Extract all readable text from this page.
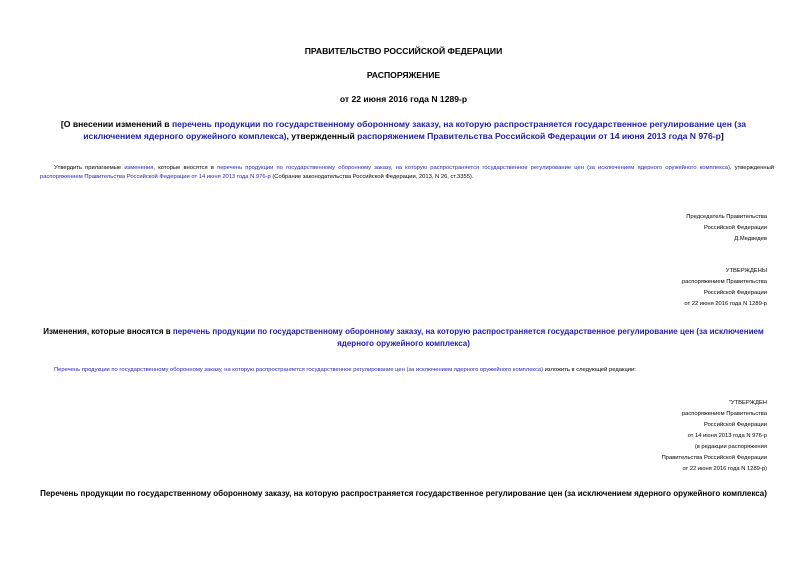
ПРАВИТЕЛЬСТВО РОССИЙСКОЙ ФЕДЕРАЦИИ
РАСПОРЯЖЕНИЕ
от 22 июня 2016 года N 1289-р
[О внесении изменений в перечень продукции по государственному оборонному заказу, на которую распространяется государственное регулирование цен (за исключением ядерного оружейного комплекса), утвержденный распоряжением Правительства Российской Федерации от 14 июня 2013 года N 976-р]
Утвердить прилагаемые изменения, которые вносятся в перечень продукции по государственному оборонному заказу, на которую распространяется государственное регулирование цен (за исключением ядерного оружейного комплекса), утвержденный распоряжением Правительства Российской Федерации от 14 июня 2013 года N 976-р (Собрание законодательства Российской Федерации, 2013, N 26, ст.3355).
Председатель Правительства
Российской Федерации
Д.Медведев
УТВЕРЖДЕНЫ
распоряжением Правительства
Российской Федерации
от 22 июня 2016 года N 1289-р
Изменения, которые вносятся в перечень продукции по государственному оборонному заказу, на которую распространяется государственное регулирование цен (за исключением ядерного оружейного комплекса)
Перечень продукции по государственному оборонному заказу, на которую распространяется государственное регулирование цен (за исключением ядерного оружейного комплекса) изложить в следующей редакции:
"УТВЕРЖДЕН
распоряжением Правительства
Российской Федерации
от 14 июня 2013 года N 976-р
(в редакции распоряжения
Правительства Российской Федерации
от 22 июня 2016 года N 1289-р)
Перечень продукции по государственному оборонному заказу, на которую распространяется государственное регулирование цен (за исключением ядерного оружейного комплекса)
